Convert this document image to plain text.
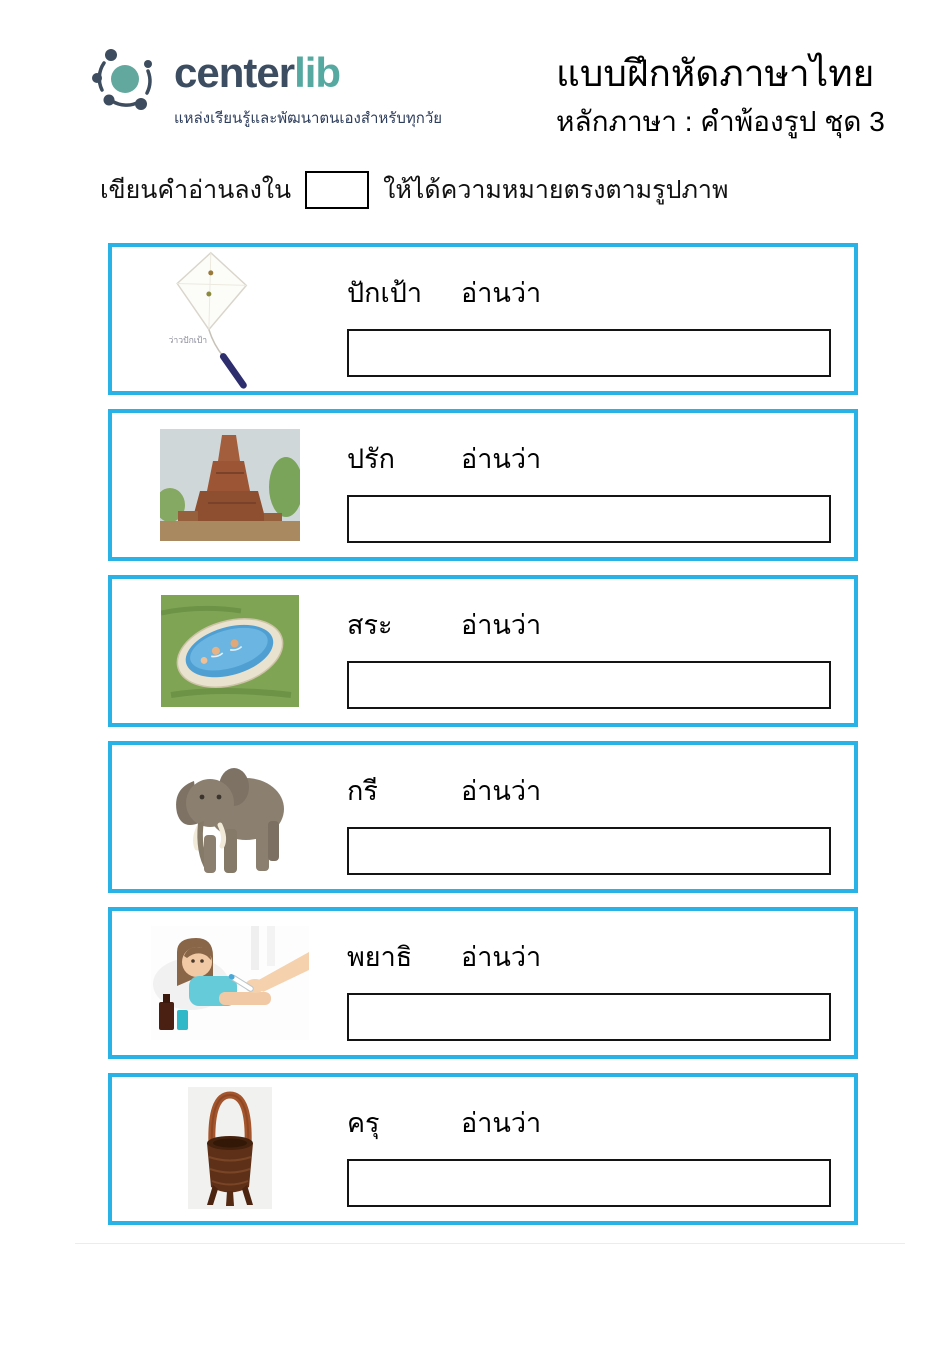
centerlib
แหล่งเรียนรู้และพัฒนาตนเองสำหรับทุกวัย
แบบฝึกหัดภาษาไทย
หลักภาษา : คำพ้องรูป ชุด 3
เขียนคำอ่านลงใน	ให้ได้ความหมายตรงตามรูปภาพ
ว่าวปักเป้า
ปักเป้า	อ่านว่า
ปรัก	อ่านว่า
สระ	อ่านว่า
กรี	อ่านว่า
พยาธิ	อ่านว่า
ครุ	อ่านว่า
